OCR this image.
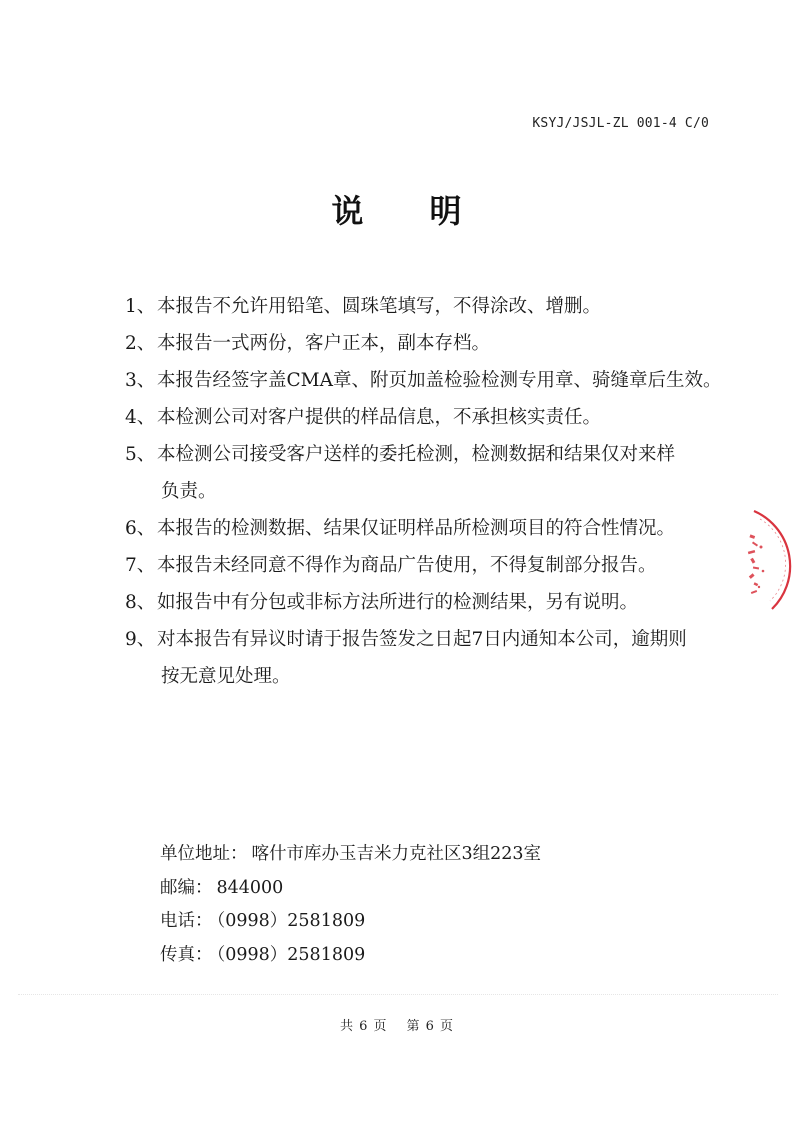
KSYJ/JSJL-ZL 001-4 C/0
说明
1、 本报告不允许用铅笔、圆珠笔填写，不得涂改、增删。
2、 本报告一式两份，客户正本，副本存档。
3、 本报告经签字盖CMA章、附页加盖检验检测专用章、骑缝章后生效。
4、 本检测公司对客户提供的样品信息，不承担核实责任。
5、 本检测公司接受客户送样的委托检测，检测数据和结果仅对来样
负责。
6、 本报告的检测数据、结果仅证明样品所检测项目的符合性情况。
7、 本报告未经同意不得作为商品广告使用，不得复制部分报告。
8、 如报告中有分包或非标方法所进行的检测结果，另有说明。
9、 对本报告有异议时请于报告签发之日起7日内通知本公司，逾期则
按无意见处理。
单位地址： 喀什市库办玉吉米力克社区3组223室
邮编： 844000
电话： （0998）2581809
传真： （0998）2581809
共 6 页 第 6 页
